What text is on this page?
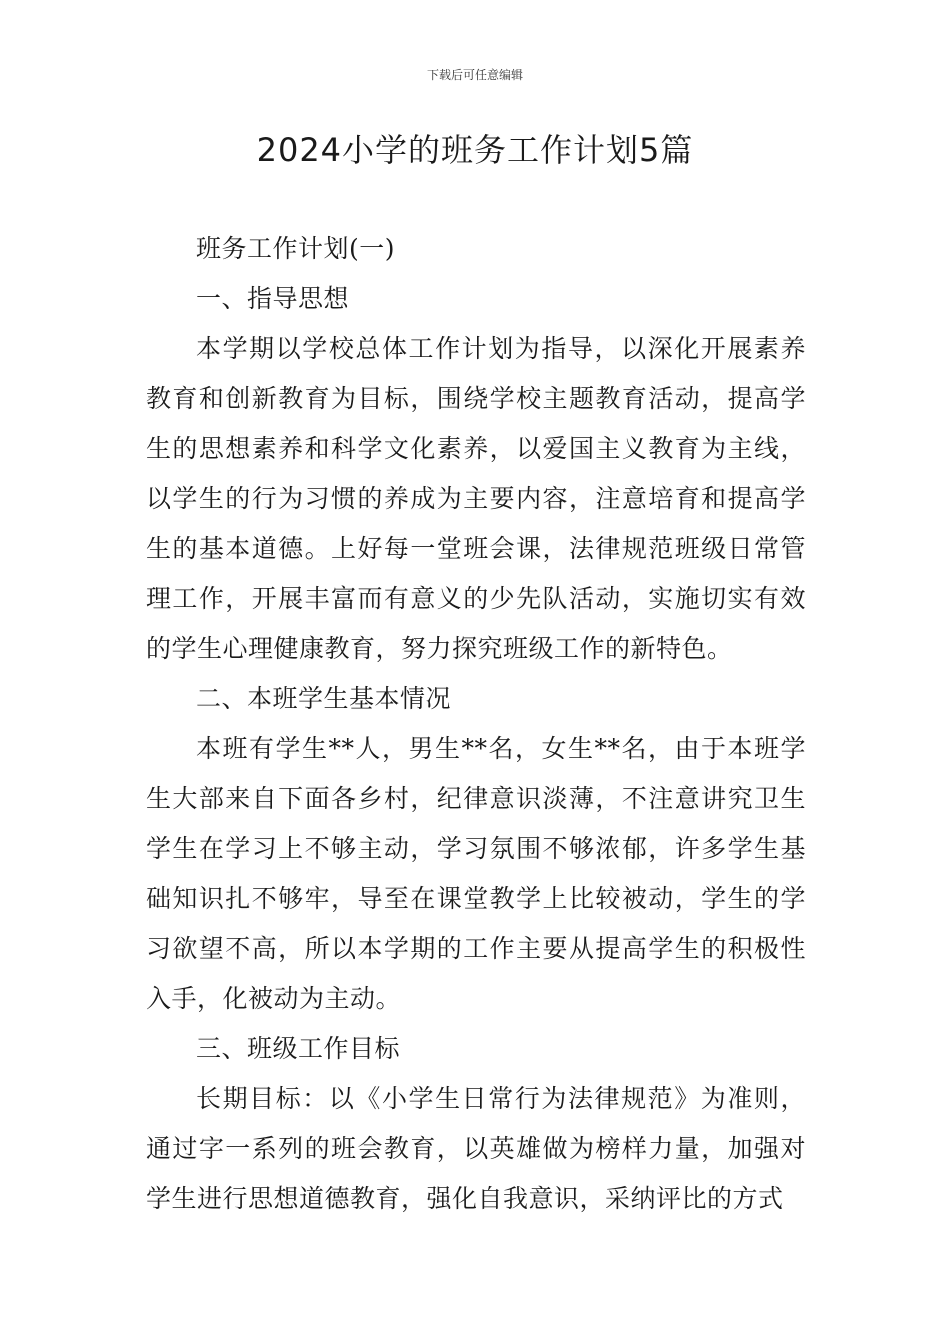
下载后可任意编辑
2024小学的班务工作计划5篇

班务工作计划(一)

一、指导思想

本学期以学校总体工作计划为指导，以深化开展素养教育和创新教育为目标，围绕学校主题教育活动，提高学生的思想素养和科学文化素养，以爱国主义教育为主线，以学生的行为习惯的养成为主要内容，注意培育和提高学生的基本道德。上好每一堂班会课，法律规范班级日常管理工作，开展丰富而有意义的少先队活动，实施切实有效的学生心理健康教育，努力探究班级工作的新特色。

二、本班学生基本情况

本班有学生**人，男生**名，女生**名，由于本班学生大部来自下面各乡村，纪律意识淡薄，不注意讲究卫生学生在学习上不够主动，学习氛围不够浓郁，许多学生基础知识扎不够牢，导至在课堂教学上比较被动，学生的学习欲望不高，所以本学期的工作主要从提高学生的积极性入手，化被动为主动。

三、班级工作目标

长期目标：以《小学生日常行为法律规范》为准则，通过字一系列的班会教育，以英雄做为榜样力量，加强对学生进行思想道德教育，强化自我意识，采纳评比的方式
